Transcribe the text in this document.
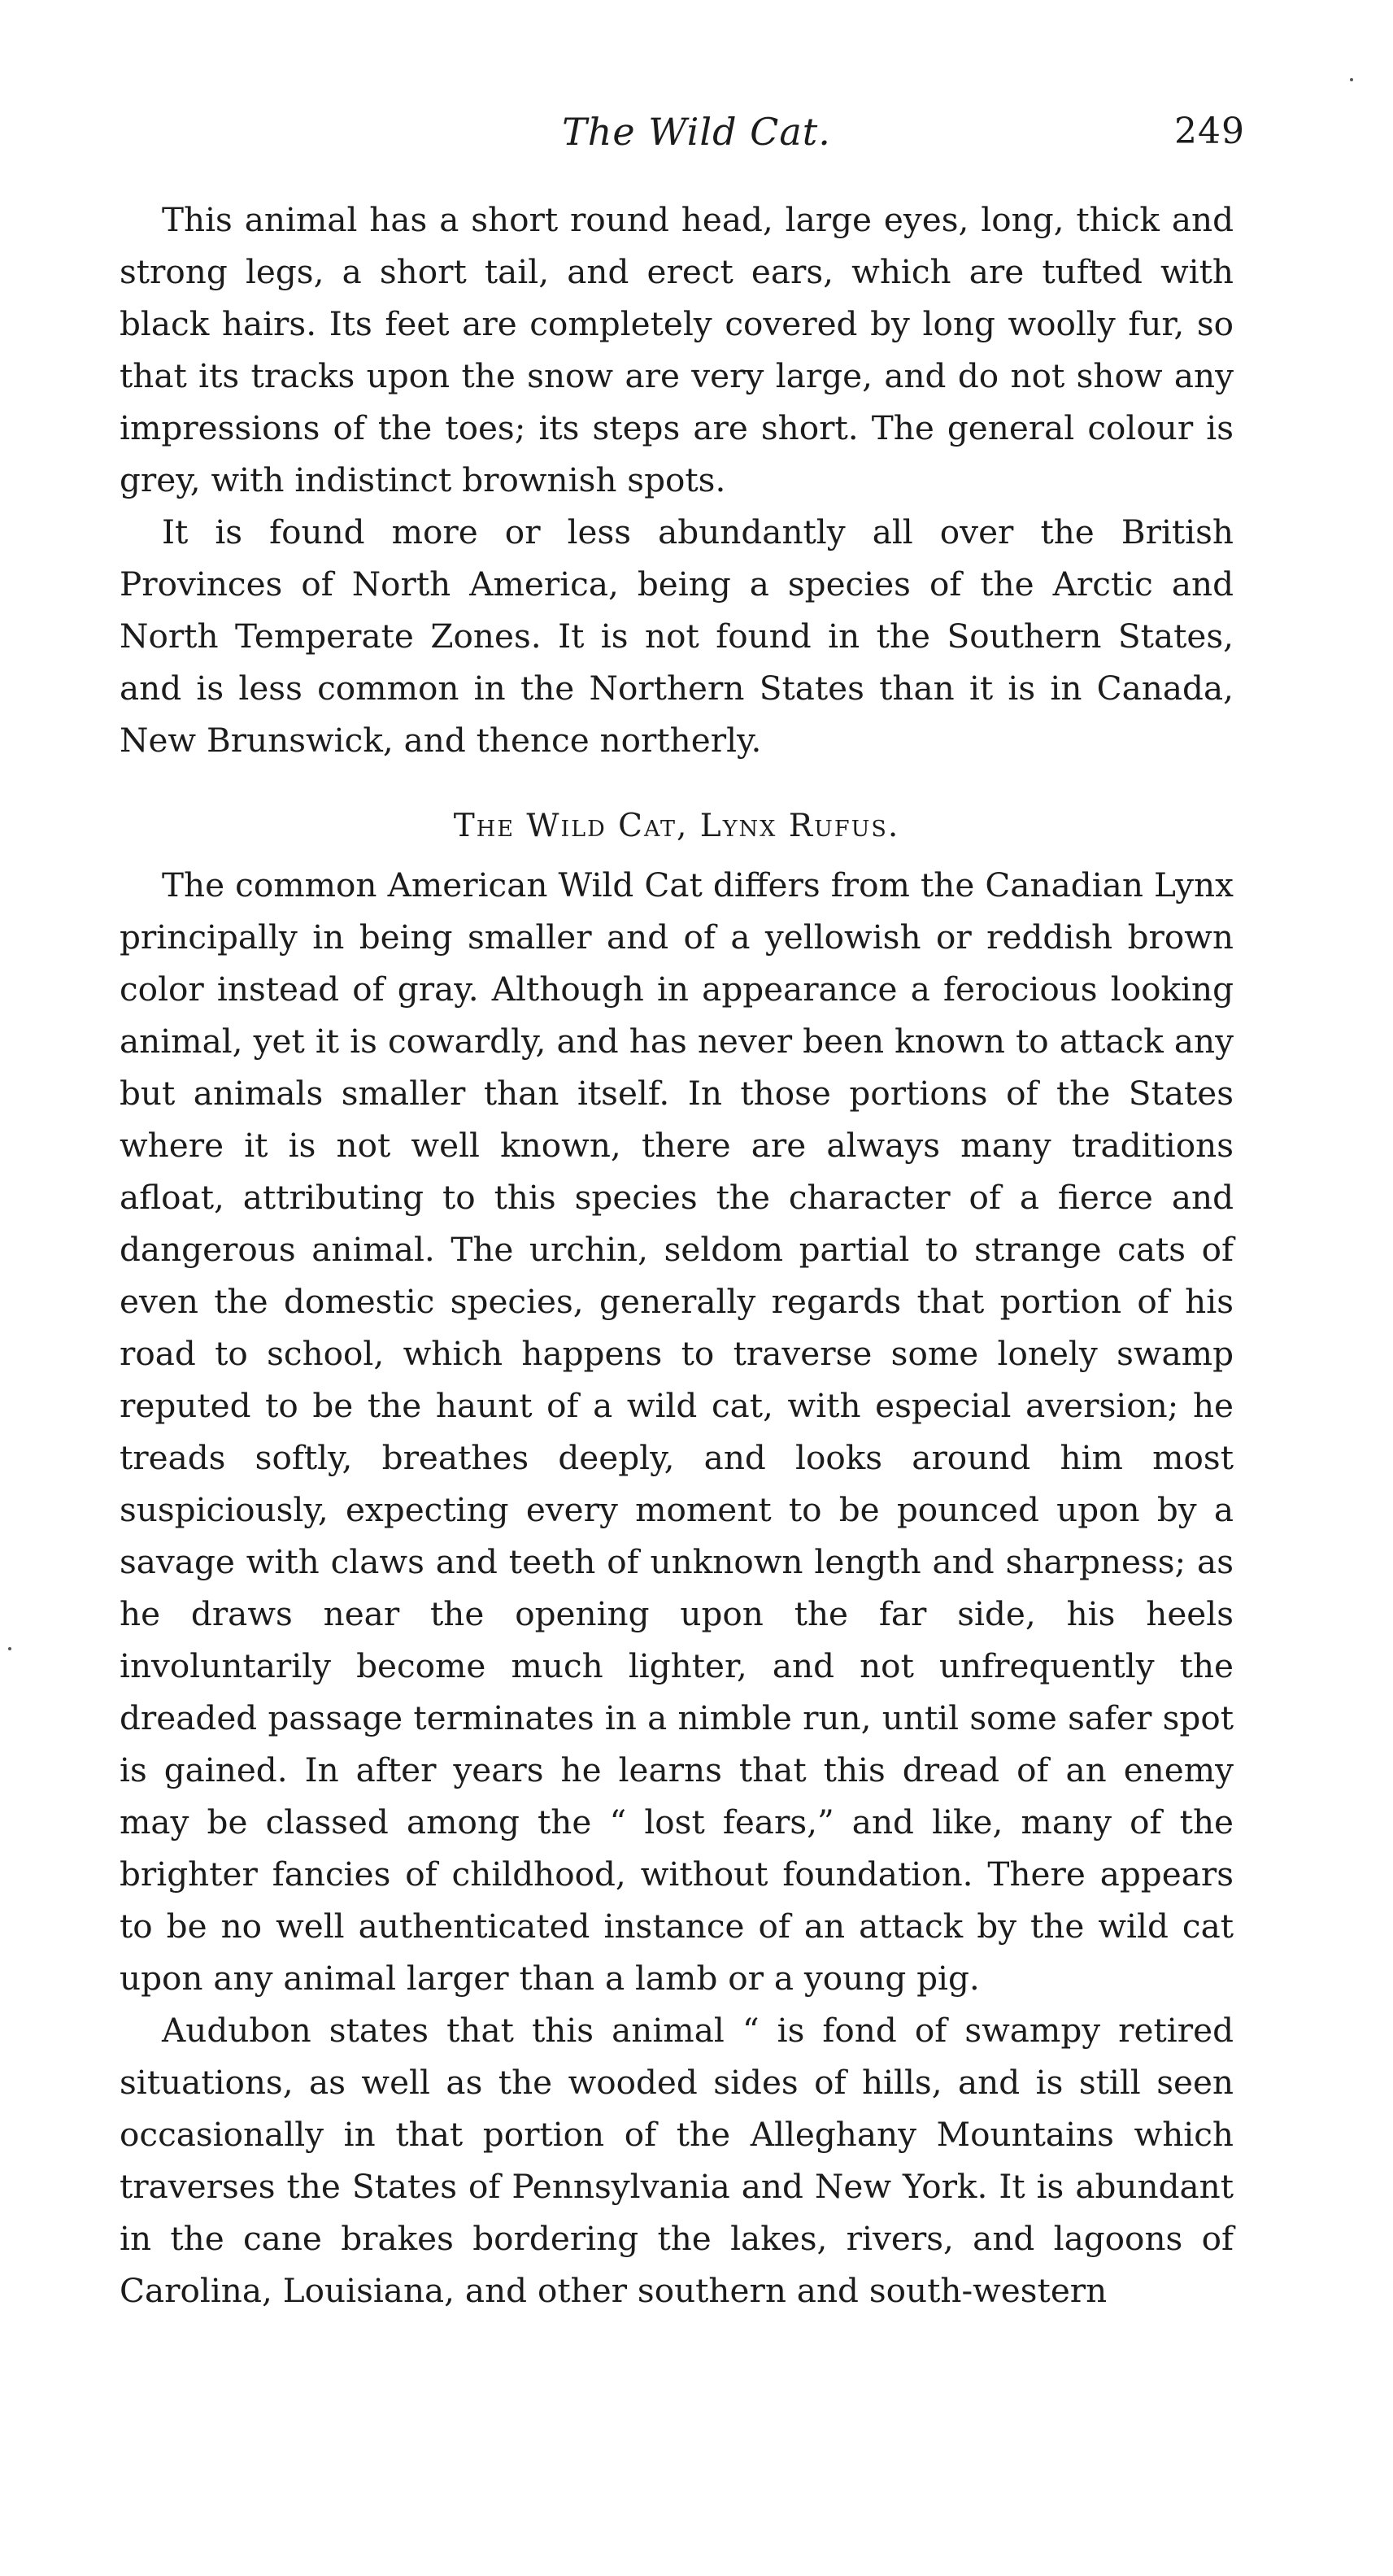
The Wild Cat.	249

This animal has a short round head, large eyes, long, thick and strong legs, a short tail, and erect ears, which are tufted with black hairs. Its feet are completely covered by long woolly fur, so that its tracks upon the snow are very large, and do not show any impressions of the toes; its steps are short. The general colour is grey, with indistinct brownish spots.

It is found more or less abundantly all over the British Provinces of North America, being a species of the Arctic and North Temperate Zones. It is not found in the Southern States, and is less common in the Northern States than it is in Canada, New Brunswick, and thence northerly.

The Wild Cat, Lynx Rufus.

The common American Wild Cat differs from the Canadian Lynx principally in being smaller and of a yellowish or reddish brown color instead of gray. Although in appearance a ferocious looking animal, yet it is cowardly, and has never been known to attack any but animals smaller than itself. In those portions of the States where it is not well known, there are always many traditions afloat, attributing to this species the character of a fierce and dangerous animal. The urchin, seldom partial to strange cats of even the domestic species, generally regards that portion of his road to school, which happens to traverse some lonely swamp reputed to be the haunt of a wild cat, with especial aversion; he treads softly, breathes deeply, and looks around him most suspiciously, expecting every moment to be pounced upon by a savage with claws and teeth of unknown length and sharpness; as he draws near the opening upon the far side, his heels involuntarily become much lighter, and not unfrequently the dreaded passage terminates in a nimble run, until some safer spot is gained. In after years he learns that this dread of an enemy may be classed among the “ lost fears,” and like, many of the brighter fancies of childhood, without foundation. There appears to be no well authenticated instance of an attack by the wild cat upon any animal larger than a lamb or a young pig.

Audubon states that this animal “ is fond of swampy retired situations, as well as the wooded sides of hills, and is still seen occasionally in that portion of the Alleghany Mountains which traverses the States of Pennsylvania and New York. It is abundant in the cane brakes bordering the lakes, rivers, and lagoons of Carolina, Louisiana, and other southern and south-western
